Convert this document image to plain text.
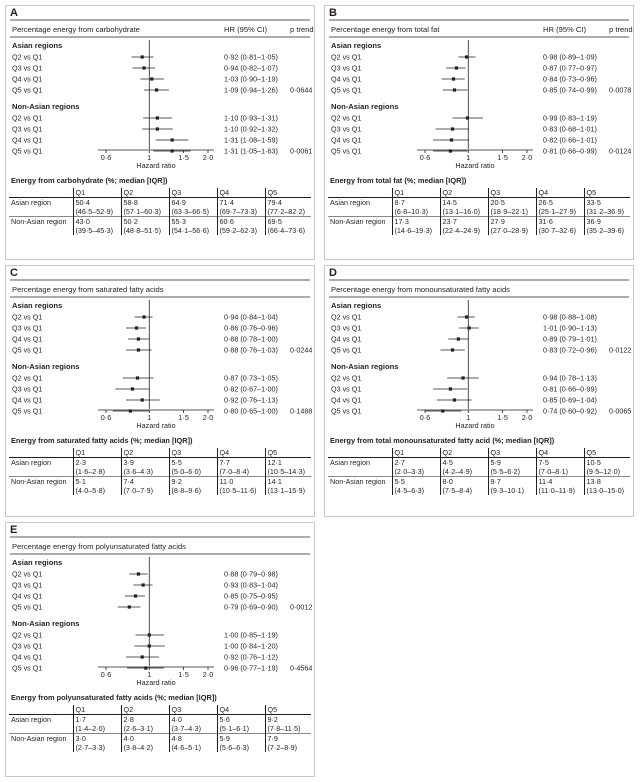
A
Percentage energy from carbohydrate	HR (95% CI)	p trend
Asian regions
Q2 vs Q1	0·92 (0·81–1·05)
Q3 vs Q1	0·94 (0·82–1·07)
Q4 vs Q1	1·03 (0·90–1·19)
Q5 vs Q1	1·09 (0·94–1·26) 0·0644
Non-Asian regions
Q2 vs Q1	1·10 (0·93–1·31)
Q3 vs Q1	1·10 (0·92–1·32)
Q4 vs Q1	1·31 (1·08–1·59)
Q5 vs Q1	1·31 (1·05–1·63) 0·0061
0·6	1	1·5 2·0
Hazard ratio
Energy from carbohydrate (%; median [IQR])
	Q1	Q2	Q3	Q4	Q5
Asian region	50·4	58·8	64·9	71·4	79·4
	(46·5–52·9)	(57·1–60·3)	(63·3–66·5)	(69·7–73·3)	(77·2–82·2)
Non-Asian region	43·0	50·2	55·3	60·6	69·5
	(39·5–45·3)	(48·8–51·5)	(54·1–56·6)	(59·2–62·3)	(66·4–73·6)
B
Percentage energy from total fat	HR (95% CI)	p trend
Asian regions
Q2 vs Q1	0·98 (0·89–1·09)
Q3 vs Q1	0·87 (0·77–0·97)
Q4 vs Q1	0·84 (0·73–0·96)
Q5 vs Q1	0·85 (0·74–0·99) 0·0078
Non-Asian regions
Q2 vs Q1	0·99 (0·83–1·19)
Q3 vs Q1	0·83 (0·68–1·01)
Q4 vs Q1	0·82 (0·66–1·01)
Q5 vs Q1	0·81 (0·66–0·99) 0·0124
0·6	1	1·5 2·0
Hazard ratio
Energy from total fat (%; median [IQR])
	Q1	Q2	Q3	Q4	Q5
Asian region	8·7	14·5	20·5	26·5	33·5
	(6·8–10·3)	(13·1–16·0)	(18·9–22·1)	(25·1–27·9)	(31·2–36·9)
Non-Asian region	17·3	23·7	27·9	31·6	36·9
	(14·6–19·3)	(22·4–24·9)	(27·0–28·9)	(30·7–32·6)	(35·2–39·6)
C
Percentage energy from saturated fatty acids
Asian regions
Q2 vs Q1	0·94 (0·84–1·04)
Q3 vs Q1	0·86 (0·76–0·96)
Q4 vs Q1	0·88 (0·78–1·00)
Q5 vs Q1	0·88 (0·76–1·03) 0·0244
Non-Asian regions
Q2 vs Q1	0·87 (0·73–1·05)
Q3 vs Q1	0·82 (0·67–1·00)
Q4 vs Q1	0·92 (0·76–1·13)
Q5 vs Q1	0·80 (0·65–1·00) 0·1488
0·6	1	1·5 2·0
Hazard ratio
Energy from saturated fatty acids (%; median [IQR])
	Q1	Q2	Q3	Q4	Q5
Asian region	2·3	3·9	5·5	7·7	12·1
	(1·6–2·8)	(3·6–4·3)	(5·0–6·0)	(7·0–8·4)	(10·5–14·3)
Non-Asian region	5·1	7·4	9·2	11·0	14·1
	(4·0–5·8)	(7·0–7·9)	(8·8–9·6)	(10·5–11·6)	(13·1–15·9)
D
Percentage energy from monounsaturated fatty acids
Asian regions
Q2 vs Q1	0·98 (0·88–1·08)
Q3 vs Q1	1·01 (0·90–1·13)
Q4 vs Q1	0·89 (0·79–1·01)
Q5 vs Q1	0·83 (0·72–0·96) 0·0122
Non-Asian regions
Q2 vs Q1	0·94 (0·78–1·13)
Q3 vs Q1	0·81 (0·66–0·99)
Q4 vs Q1	0·85 (0·69–1·04)
Q5 vs Q1	0·74 (0·60–0·92) 0·0065
0·6	1	1·5 2·0
Hazard ratio
Energy from total monounsaturated fatty acid (%; median [IQR])
	Q1	Q2	Q3	Q4	Q5
Asian region	2·7	4·5	5·9	7·5	10·5
	(2·0–3·3)	(4·2–4·9)	(5·5–6·2)	(7·0–8·1)	(9·5–12·0)
Non-Asian region	5·5	8·0	9·7	11·4	13·8
	(4·5–6·3)	(7·5–8·4)	(9·3–10·1)	(11·0–11·9)	(13·0–15·0)
E
Percentage energy from polyunsaturated fatty acids
Asian regions
Q2 vs Q1	0·88 (0·79–0·98)
Q3 vs Q1	0·93 (0·83–1·04)
Q4 vs Q1	0·85 (0·75–0·95)
Q5 vs Q1	0·79 (0·69–0·90) 0·0012
Non-Asian regions
Q2 vs Q1	1·00 (0·85–1·19)
Q3 vs Q1	1·00 (0·84–1·20)
Q4 vs Q1	0·92 (0·76–1·12)
Q5 vs Q1	0·96 (0·77–1·19) 0·4564
0·6	1	1·5 2·0
Hazard ratio
Energy from polyunsaturated fatty acids (%; median [IQR])
	Q1	Q2	Q3	Q4	Q5
Asian region	1·7	2·8	4·0	5·6	9·2
	(1·4–2·0)	(2·6–3·1)	(3·7–4·3)	(5·1–6·1)	(7·8–11·5)
Non-Asian region	3·0	4·0	4·8	5·9	7·9
	(2·7–3·3)	(3·8–4·2)	(4·6–5·1)	(5·6–6·3)	(7·2–8·9)
